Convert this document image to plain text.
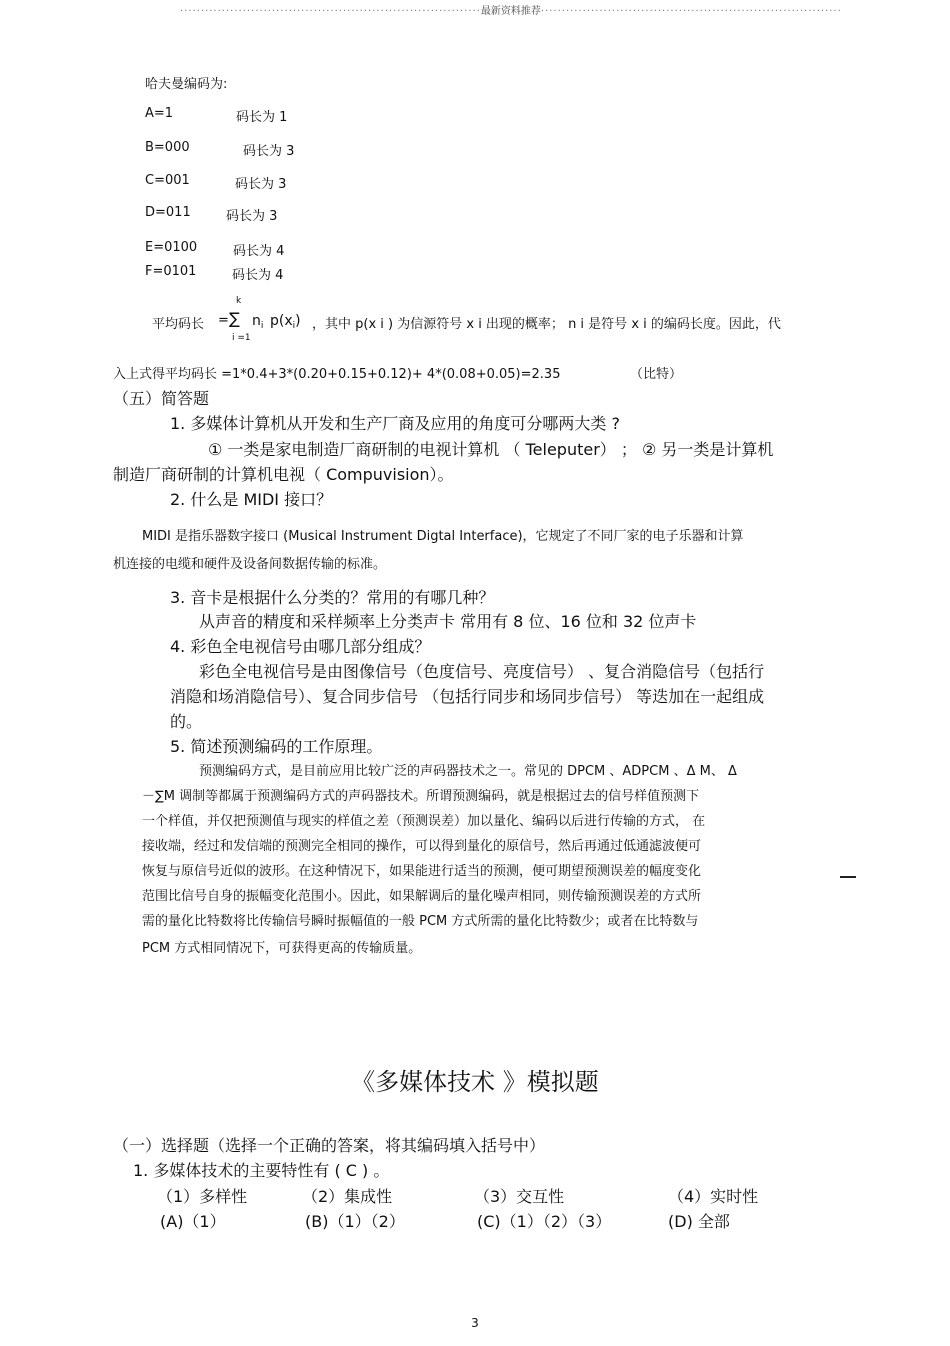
········································································最新资料推荐········································································
哈夫曼编码为:
A=1	码长为 1
B=000	码长为 3
C=001	码长为 3
D=011	码长为 3
E=0100	码长为 4
F=0101	码长为 4
k
平均码长 = ∑ $n_i$ $p(x_i)$ ，其中 p(x i ) 为信源符号 x i 出现的概率； n i 是符号 x i 的编码长度。因此，代
i =1
入上式得平均码长 =1*0.4+3*(0.20+0.15+0.12)+ 4*(0.08+0.05)=2.35	（比特）
（五）简答题
1. 多媒体计算机从开发和生产厂商及应用的角度可分哪两大类 ?
① 一类是家电制造厂商研制的电视计算机 （ Teleputer） ； ② 另一类是计算机
制造厂商研制的计算机电视（ Compuvision）。
2. 什么是 MIDI 接口？
MIDI 是指乐器数字接口 (Musical Instrument Digtal Interface)，它规定了不同厂家的电子乐器和计算
机连接的电缆和硬件及设备间数据传输的标准。
3. 音卡是根据什么分类的？常用的有哪几种？
从声音的精度和采样频率上分类声卡 常用有 8 位、16 位和 32 位声卡
4. 彩色全电视信号由哪几部分组成？
彩色全电视信号是由图像信号（色度信号、亮度信号） 、复合消隐信号（包括行
消隐和场消隐信号）、复合同步信号 （包括行同步和场同步信号） 等迭加在一起组成
的。
5. 简述预测编码的工作原理。
预测编码方式，是目前应用比较广泛的声码器技术之一。常见的 DPCM 、ADPCM 、Δ M、 Δ
－∑M 调制等都属于预测编码方式的声码器技术。所谓预测编码，就是根据过去的信号样值预测下
一个样值，并仅把预测值与现实的样值之差（预测误差）加以量化、编码以后进行传输的方式， 在
接收端，经过和发信端的预测完全相同的操作，可以得到量化的原信号，然后再通过低通滤波便可
恢复与原信号近似的波形。在这种情况下，如果能进行适当的预测，便可期望预测误差的幅度变化
范围比信号自身的振幅变化范围小。因此，如果解调后的量化噪声相同，则传输预测误差的方式所
需的量化比特数将比传输信号瞬时振幅值的一般 PCM 方式所需的量化比特数少；或者在比特数与
PCM 方式相同情况下，可获得更高的传输质量。
《多媒体技术 》模拟题
（一）选择题（选择一个正确的答案，将其编码填入括号中）
1. 多媒体技术的主要特性有 ( C ) 。
（1）多样性	（2）集成性	（3）交互性	（4）实时性
(A)（1）	(B)（1）（2）	(C)（1）（2）（3）	(D) 全部
3
